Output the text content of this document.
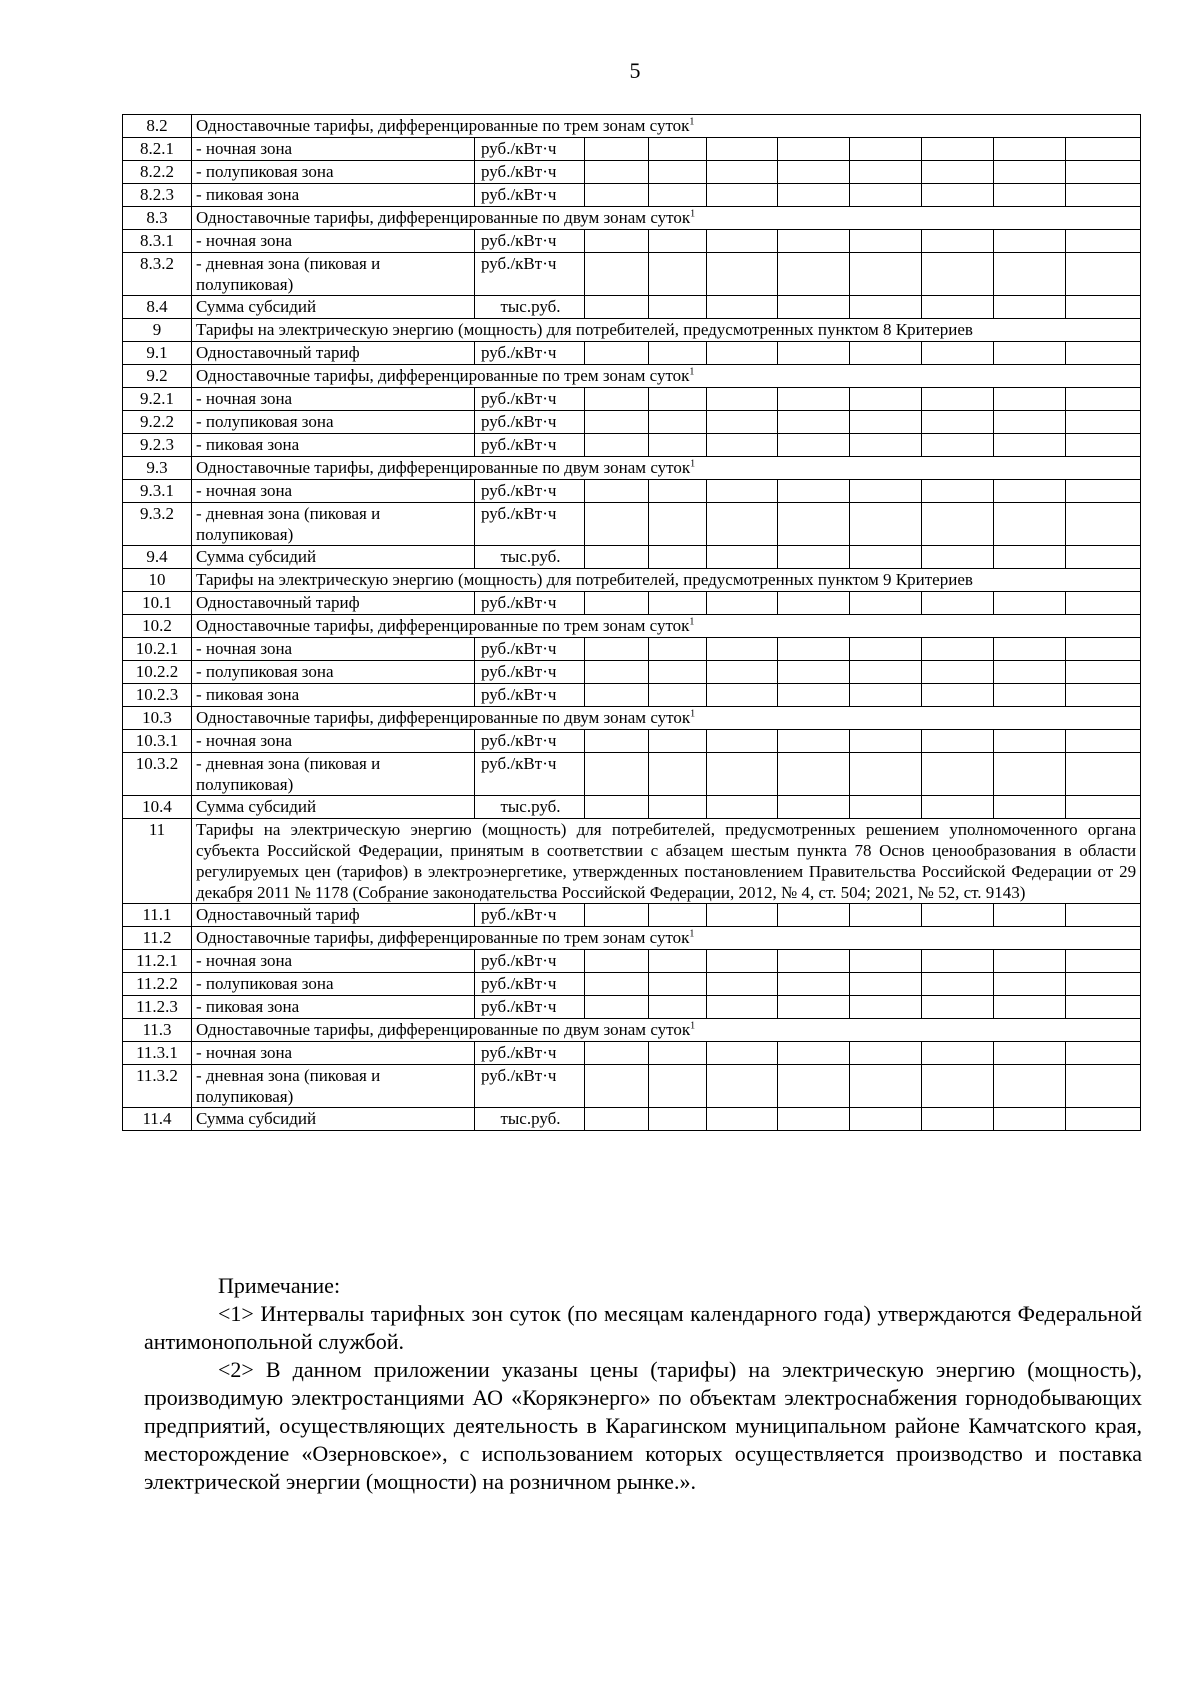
5
8.2	Одноставочные тарифы, дифференцированные по трем зонам суток$^1$
8.2.1	- ночная зона	руб./кВт·ч								
8.2.2	- полупиковая зона	руб./кВт·ч								
8.2.3	- пиковая зона	руб./кВт·ч								
8.3	Одноставочные тарифы, дифференцированные по двум зонам суток$^1$
8.3.1	- ночная зона	руб./кВт·ч								
8.3.2	- дневная зона (пиковая и полупиковая)	руб./кВт·ч								
8.4	Сумма субсидий	тыс.руб.								
9	Тарифы на электрическую энергию (мощность) для потребителей, предусмотренных пунктом 8 Критериев									
9.1	Одноставочный тариф	руб./кВт·ч								
9.2	Одноставочные тарифы, дифференцированные по трем зонам суток$^1$
9.2.1	- ночная зона	руб./кВт·ч								
9.2.2	- полупиковая зона	руб./кВт·ч								
9.2.3	- пиковая зона	руб./кВт·ч								
9.3	Одноставочные тарифы, дифференцированные по двум зонам суток$^1$
9.3.1	- ночная зона	руб./кВт·ч								
9.3.2	- дневная зона (пиковая и полупиковая)	руб./кВт·ч								
9.4	Сумма субсидий	тыс.руб.								
10	Тарифы на электрическую энергию (мощность) для потребителей, предусмотренных пунктом 9 Критериев									
10.1	Одноставочный тариф	руб./кВт·ч								
10.2	Одноставочные тарифы, дифференцированные по трем зонам суток$^1$
10.2.1	- ночная зона	руб./кВт·ч								
10.2.2	- полупиковая зона	руб./кВт·ч								
10.2.3	- пиковая зона	руб./кВт·ч								
10.3	Одноставочные тарифы, дифференцированные по двум зонам суток$^1$
10.3.1	- ночная зона	руб./кВт·ч								
10.3.2	- дневная зона (пиковая и полупиковая)	руб./кВт·ч								
10.4	Сумма субсидий	тыс.руб.								
11	Тарифы на электрическую энергию (мощность) для потребителей, предусмотренных решением уполномоченного органа субъекта Российской Федерации, принятым в соответствии с абзацем шестым пункта 78 Основ ценообразования в области регулируемых цен (тарифов) в электроэнергетике, утвержденных постановлением Правительства Российской Федерации от 29 декабря 2011 № 1178 (Собрание законодательства Российской Федерации, 2012, № 4, ст. 504; 2021, № 52, ст. 9143)									
11.1	Одноставочный тариф	руб./кВт·ч								
11.2	Одноставочные тарифы, дифференцированные по трем зонам суток$^1$
11.2.1	- ночная зона	руб./кВт·ч								
11.2.2	- полупиковая зона	руб./кВт·ч								
11.2.3	- пиковая зона	руб./кВт·ч								
11.3	Одноставочные тарифы, дифференцированные по двум зонам суток$^1$
11.3.1	- ночная зона	руб./кВт·ч								
11.3.2	- дневная зона (пиковая и полупиковая)	руб./кВт·ч								
11.4	Сумма субсидий	тыс.руб.								

Примечание:

<1> Интервалы тарифных зон суток (по месяцам календарного года) утверждаются Федеральной антимонопольной службой.

<2> В данном приложении указаны цены (тарифы) на электрическую энергию (мощность), производимую электростанциями АО «Корякэнерго» по объектам электроснабжения горнодобывающих предприятий, осуществляющих деятельность в Карагинском муниципальном районе Камчатского края, месторождение «Озерновское», с использованием которых осуществляется производство и поставка электрической энергии (мощности) на розничном рынке.».
